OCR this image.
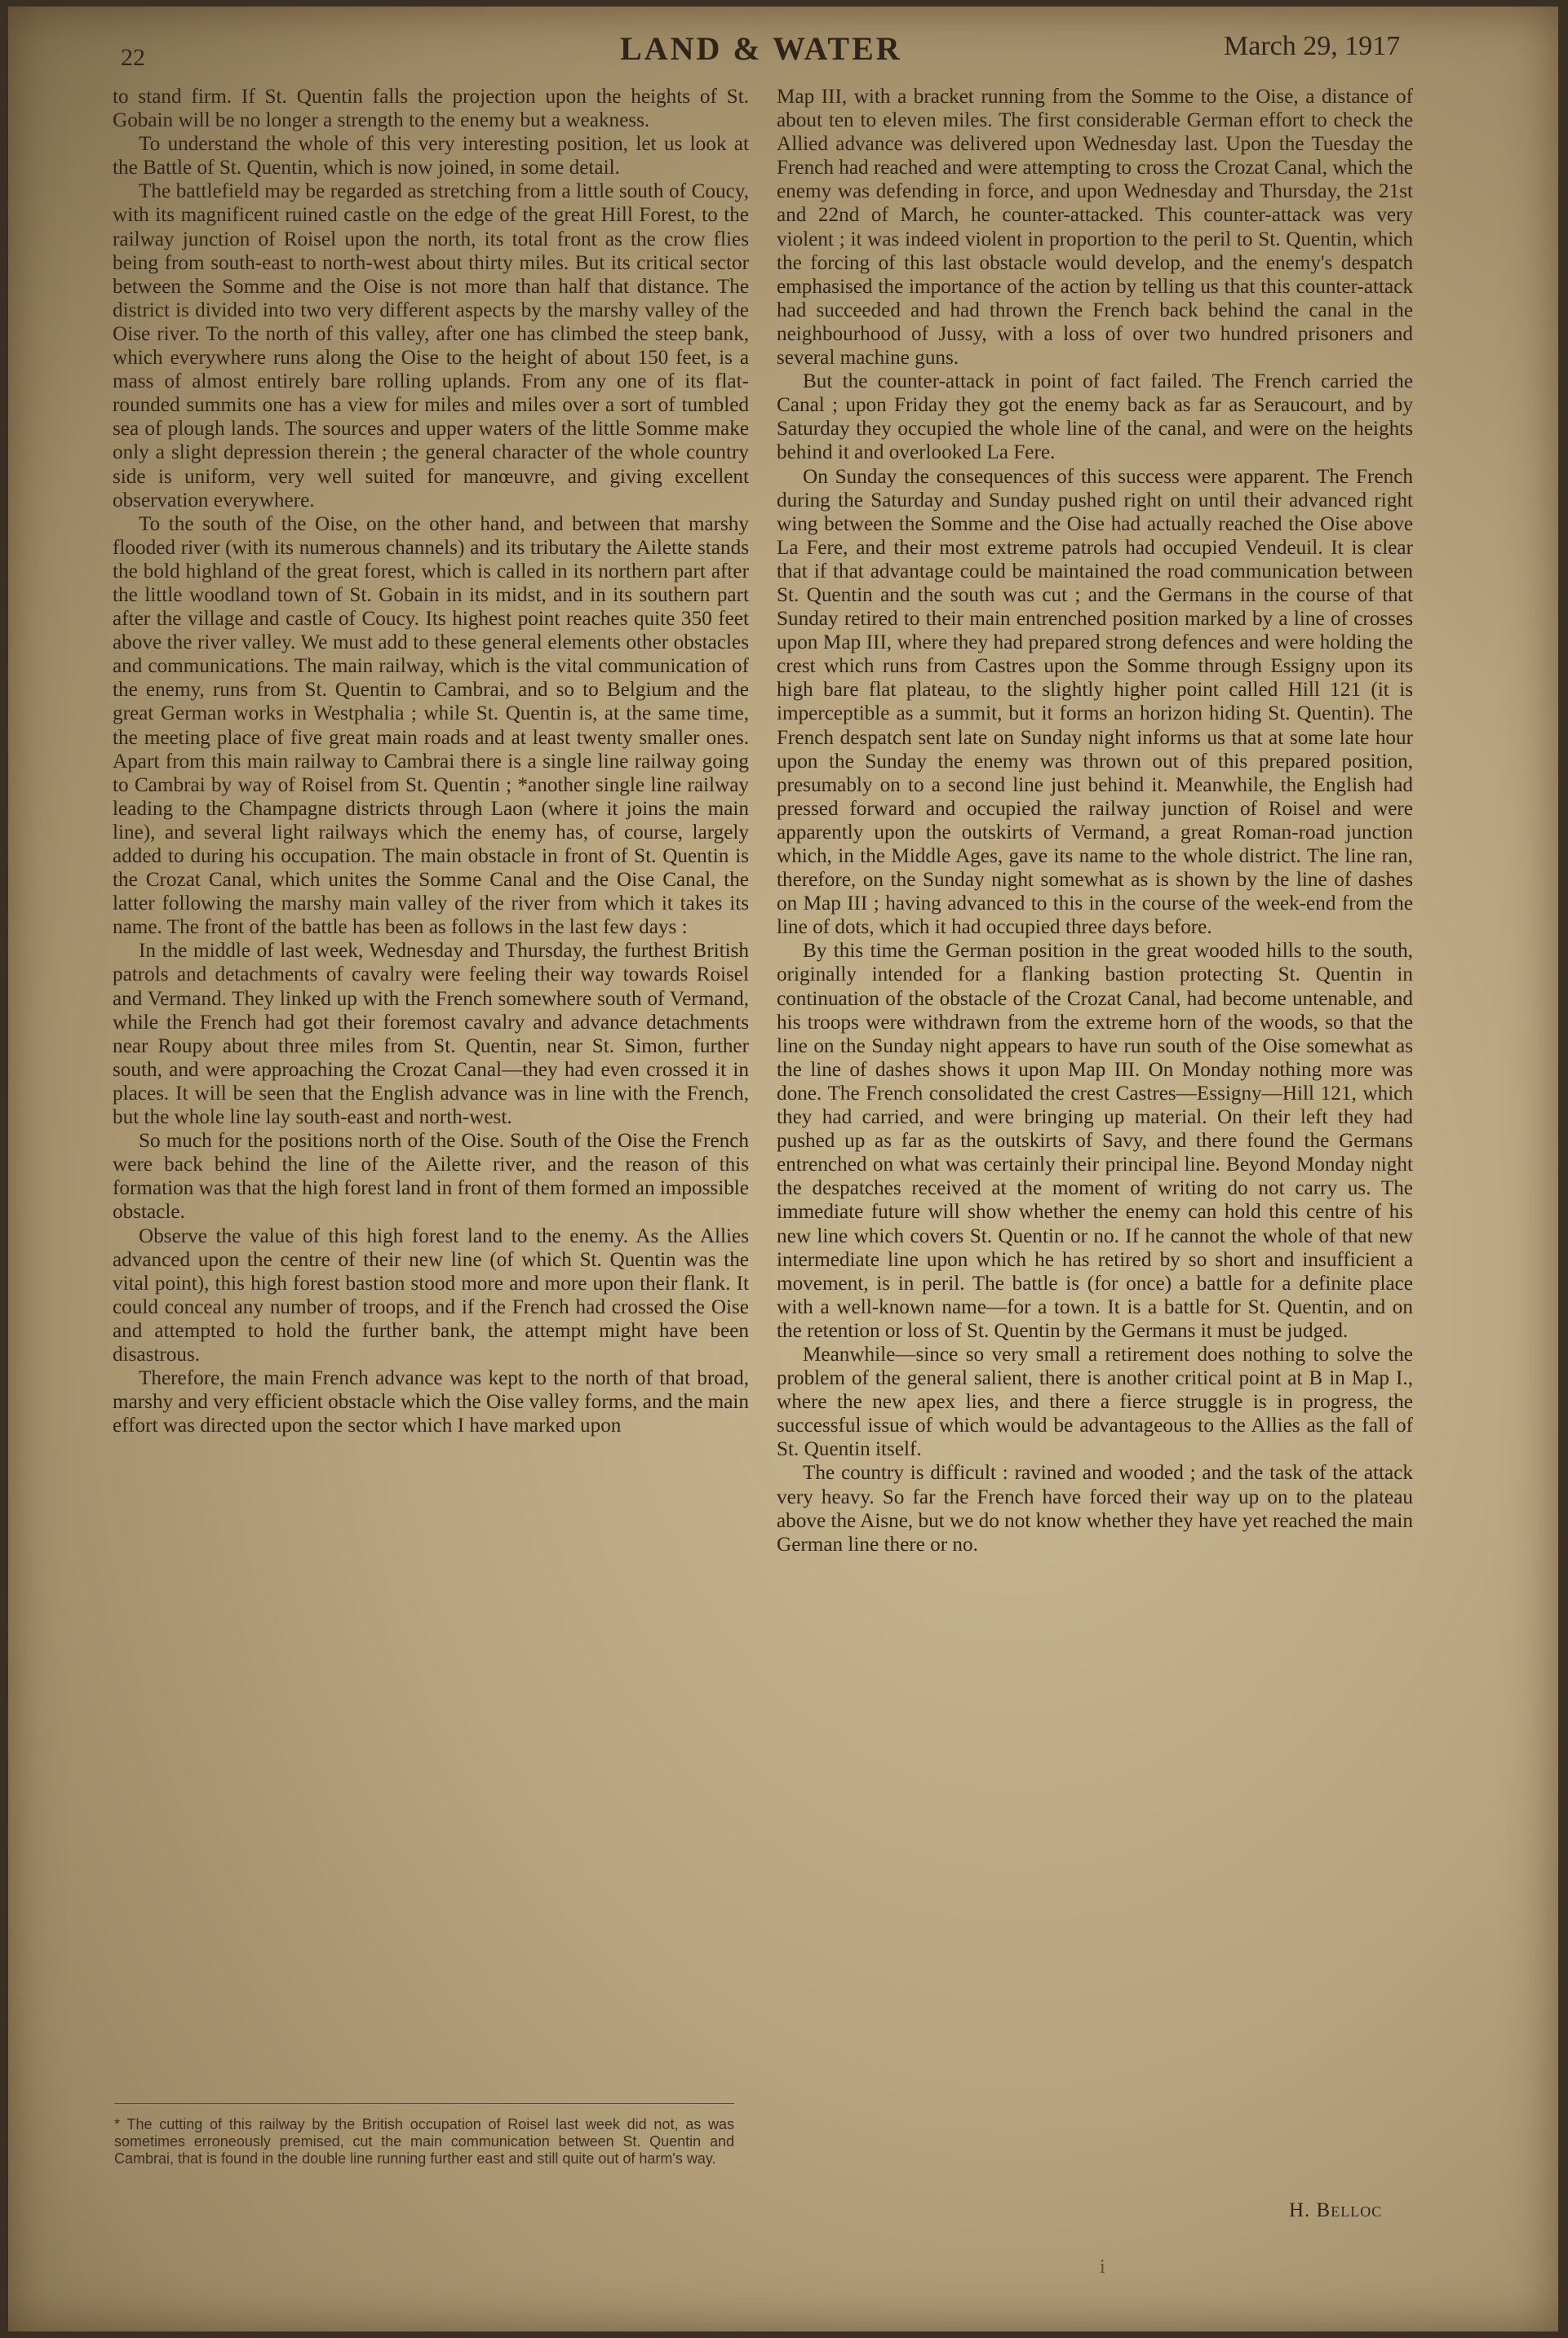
22	LAND & WATER	March 29, 1917

to stand firm. If St. Quentin falls the projection upon the heights of St. Gobain will be no longer a strength to the enemy but a weakness.

To understand the whole of this very interesting position, let us look at the Battle of St. Quentin, which is now joined, in some detail.

The battlefield may be regarded as stretching from a little south of Coucy, with its magnificent ruined castle on the edge of the great Hill Forest, to the railway junction of Roisel upon the north, its total front as the crow flies being from south-east to north-west about thirty miles. But its critical sector between the Somme and the Oise is not more than half that distance. The district is divided into two very different aspects by the marshy valley of the Oise river. To the north of this valley, after one has climbed the steep bank, which everywhere runs along the Oise to the height of about 150 feet, is a mass of almost entirely bare rolling uplands. From any one of its flat-rounded summits one has a view for miles and miles over a sort of tumbled sea of plough lands. The sources and upper waters of the little Somme make only a slight depression therein ; the general character of the whole country side is uniform, very well suited for manœuvre, and giving excellent observation everywhere.

To the south of the Oise, on the other hand, and between that marshy flooded river (with its numerous channels) and its tributary the Ailette stands the bold highland of the great forest, which is called in its northern part after the little woodland town of St. Gobain in its midst, and in its southern part after the village and castle of Coucy. Its highest point reaches quite 350 feet above the river valley. We must add to these general elements other obstacles and communications. The main railway, which is the vital communication of the enemy, runs from St. Quentin to Cambrai, and so to Belgium and the great German works in Westphalia ; while St. Quentin is, at the same time, the meeting place of five great main roads and at least twenty smaller ones. Apart from this main railway to Cambrai there is a single line railway going to Cambrai by way of Roisel from St. Quentin ; *another single line railway leading to the Champagne districts through Laon (where it joins the main line), and several light railways which the enemy has, of course, largely added to during his occupation. The main obstacle in front of St. Quentin is the Crozat Canal, which unites the Somme Canal and the Oise Canal, the latter following the marshy main valley of the river from which it takes its name. The front of the battle has been as follows in the last few days :

In the middle of last week, Wednesday and Thursday, the furthest British patrols and detachments of cavalry were feeling their way towards Roisel and Vermand. They linked up with the French somewhere south of Vermand, while the French had got their foremost cavalry and advance detachments near Roupy about three miles from St. Quentin, near St. Simon, further south, and were approaching the Crozat Canal—they had even crossed it in places. It will be seen that the English advance was in line with the French, but the whole line lay south-east and north-west.

So much for the positions north of the Oise. South of the Oise the French were back behind the line of the Ailette river, and the reason of this formation was that the high forest land in front of them formed an impossible obstacle.

Observe the value of this high forest land to the enemy. As the Allies advanced upon the centre of their new line (of which St. Quentin was the vital point), this high forest bastion stood more and more upon their flank. It could conceal any number of troops, and if the French had crossed the Oise and attempted to hold the further bank, the attempt might have been disastrous.

Therefore, the main French advance was kept to the north of that broad, marshy and very efficient obstacle which the Oise valley forms, and the main effort was directed upon the sector which I have marked upon

* The cutting of this railway by the British occupation of Roisel last week did not, as was sometimes erroneously premised, cut the main communication between St. Quentin and Cambrai, that is found in the double line running further east and still quite out of harm's way.

Map III, with a bracket running from the Somme to the Oise, a distance of about ten to eleven miles. The first considerable German effort to check the Allied advance was delivered upon Wednesday last. Upon the Tuesday the French had reached and were attempting to cross the Crozat Canal, which the enemy was defending in force, and upon Wednesday and Thursday, the 21st and 22nd of March, he counter-attacked. This counter-attack was very violent ; it was indeed violent in proportion to the peril to St. Quentin, which the forcing of this last obstacle would develop, and the enemy's despatch emphasised the importance of the action by telling us that this counter-attack had succeeded and had thrown the French back behind the canal in the neighbourhood of Jussy, with a loss of over two hundred prisoners and several machine guns.

But the counter-attack in point of fact failed. The French carried the Canal ; upon Friday they got the enemy back as far as Seraucourt, and by Saturday they occupied the whole line of the canal, and were on the heights behind it and overlooked La Fere.

On Sunday the consequences of this success were apparent. The French during the Saturday and Sunday pushed right on until their advanced right wing between the Somme and the Oise had actually reached the Oise above La Fere, and their most extreme patrols had occupied Vendeuil. It is clear that if that advantage could be maintained the road communication between St. Quentin and the south was cut ; and the Germans in the course of that Sunday retired to their main entrenched position marked by a line of crosses upon Map III, where they had prepared strong defences and were holding the crest which runs from Castres upon the Somme through Essigny upon its high bare flat plateau, to the slightly higher point called Hill 121 (it is imperceptible as a summit, but it forms an horizon hiding St. Quentin). The French despatch sent late on Sunday night informs us that at some late hour upon the Sunday the enemy was thrown out of this prepared position, presumably on to a second line just behind it. Meanwhile, the English had pressed forward and occupied the railway junction of Roisel and were apparently upon the outskirts of Vermand, a great Roman-road junction which, in the Middle Ages, gave its name to the whole district. The line ran, therefore, on the Sunday night somewhat as is shown by the line of dashes on Map III ; having advanced to this in the course of the week-end from the line of dots, which it had occupied three days before.

By this time the German position in the great wooded hills to the south, originally intended for a flanking bastion protecting St. Quentin in continuation of the obstacle of the Crozat Canal, had become untenable, and his troops were withdrawn from the extreme horn of the woods, so that the line on the Sunday night appears to have run south of the Oise somewhat as the line of dashes shows it upon Map III. On Monday nothing more was done. The French consolidated the crest Castres—Essigny—Hill 121, which they had carried, and were bringing up material. On their left they had pushed up as far as the outskirts of Savy, and there found the Germans entrenched on what was certainly their principal line. Beyond Monday night the despatches received at the moment of writing do not carry us. The immediate future will show whether the enemy can hold this centre of his new line which covers St. Quentin or no. If he cannot the whole of that new intermediate line upon which he has retired by so short and insufficient a movement, is in peril. The battle is (for once) a battle for a definite place with a well-known name—for a town. It is a battle for St. Quentin, and on the retention or loss of St. Quentin by the Germans it must be judged.

Meanwhile—since so very small a retirement does nothing to solve the problem of the general salient, there is another critical point at B in Map I., where the new apex lies, and there a fierce struggle is in progress, the successful issue of which would be advantageous to the Allies as the fall of St. Quentin itself.

The country is difficult : ravined and wooded ; and the task of the attack very heavy. So far the French have forced their way up on to the plateau above the Aisne, but we do not know whether they have yet reached the main German line there or no.

H. Belloc
i
